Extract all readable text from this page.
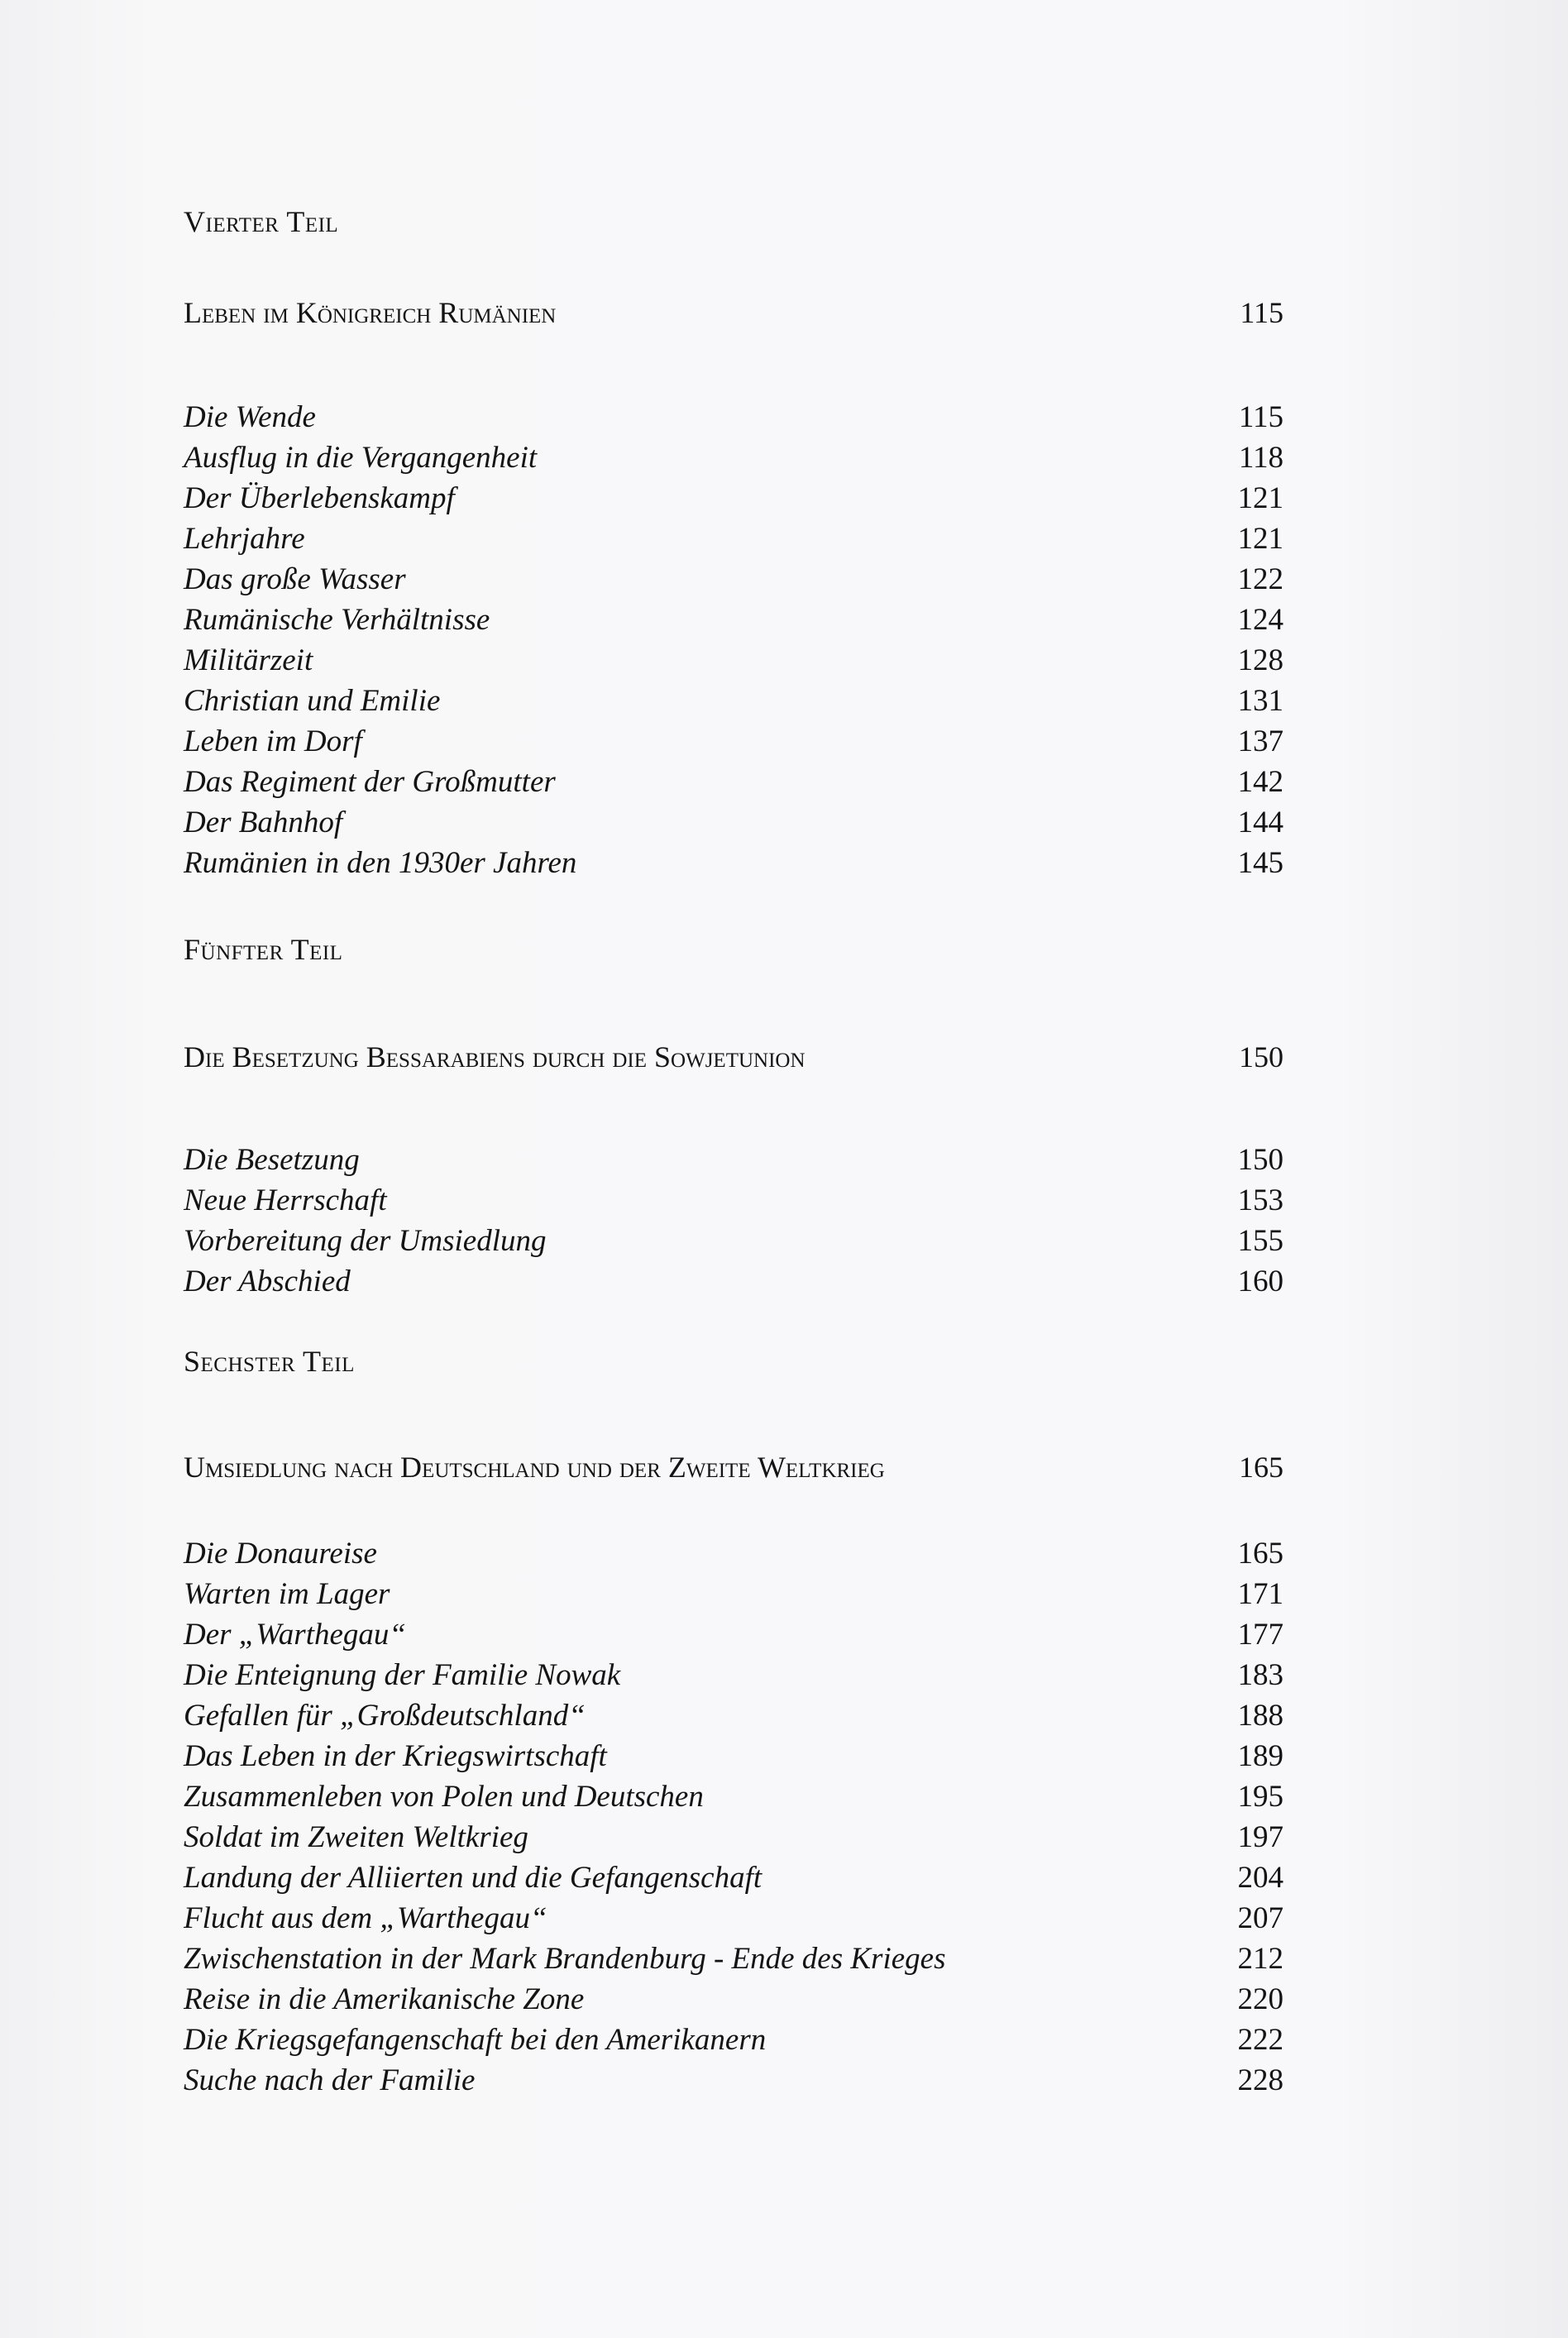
Vierter Teil
Leben im Königreich Rumänien	115
Die Wende	115
Ausflug in die Vergangenheit	118
Der Überlebenskampf	121
Lehrjahre	121
Das große Wasser	122
Rumänische Verhältnisse	124
Militärzeit	128
Christian und Emilie	131
Leben im Dorf	137
Das Regiment der Großmutter	142
Der Bahnhof	144
Rumänien in den 1930er Jahren	145
Fünfter Teil
Die Besetzung Bessarabiens durch die Sowjetunion	150
Die Besetzung	150
Neue Herrschaft	153
Vorbereitung der Umsiedlung	155
Der Abschied	160
Sechster Teil
Umsiedlung nach Deutschland und der Zweite Weltkrieg	165
Die Donaureise	165
Warten im Lager	171
Der „Warthegau“	177
Die Enteignung der Familie Nowak	183
Gefallen für „Großdeutschland“	188
Das Leben in der Kriegswirtschaft	189
Zusammenleben von Polen und Deutschen	195
Soldat im Zweiten Weltkrieg	197
Landung der Alliierten und die Gefangenschaft	204
Flucht aus dem „Warthegau“	207
Zwischenstation in der Mark Brandenburg - Ende des Krieges	212
Reise in die Amerikanische Zone	220
Die Kriegsgefangenschaft bei den Amerikanern	222
Suche nach der Familie	228
